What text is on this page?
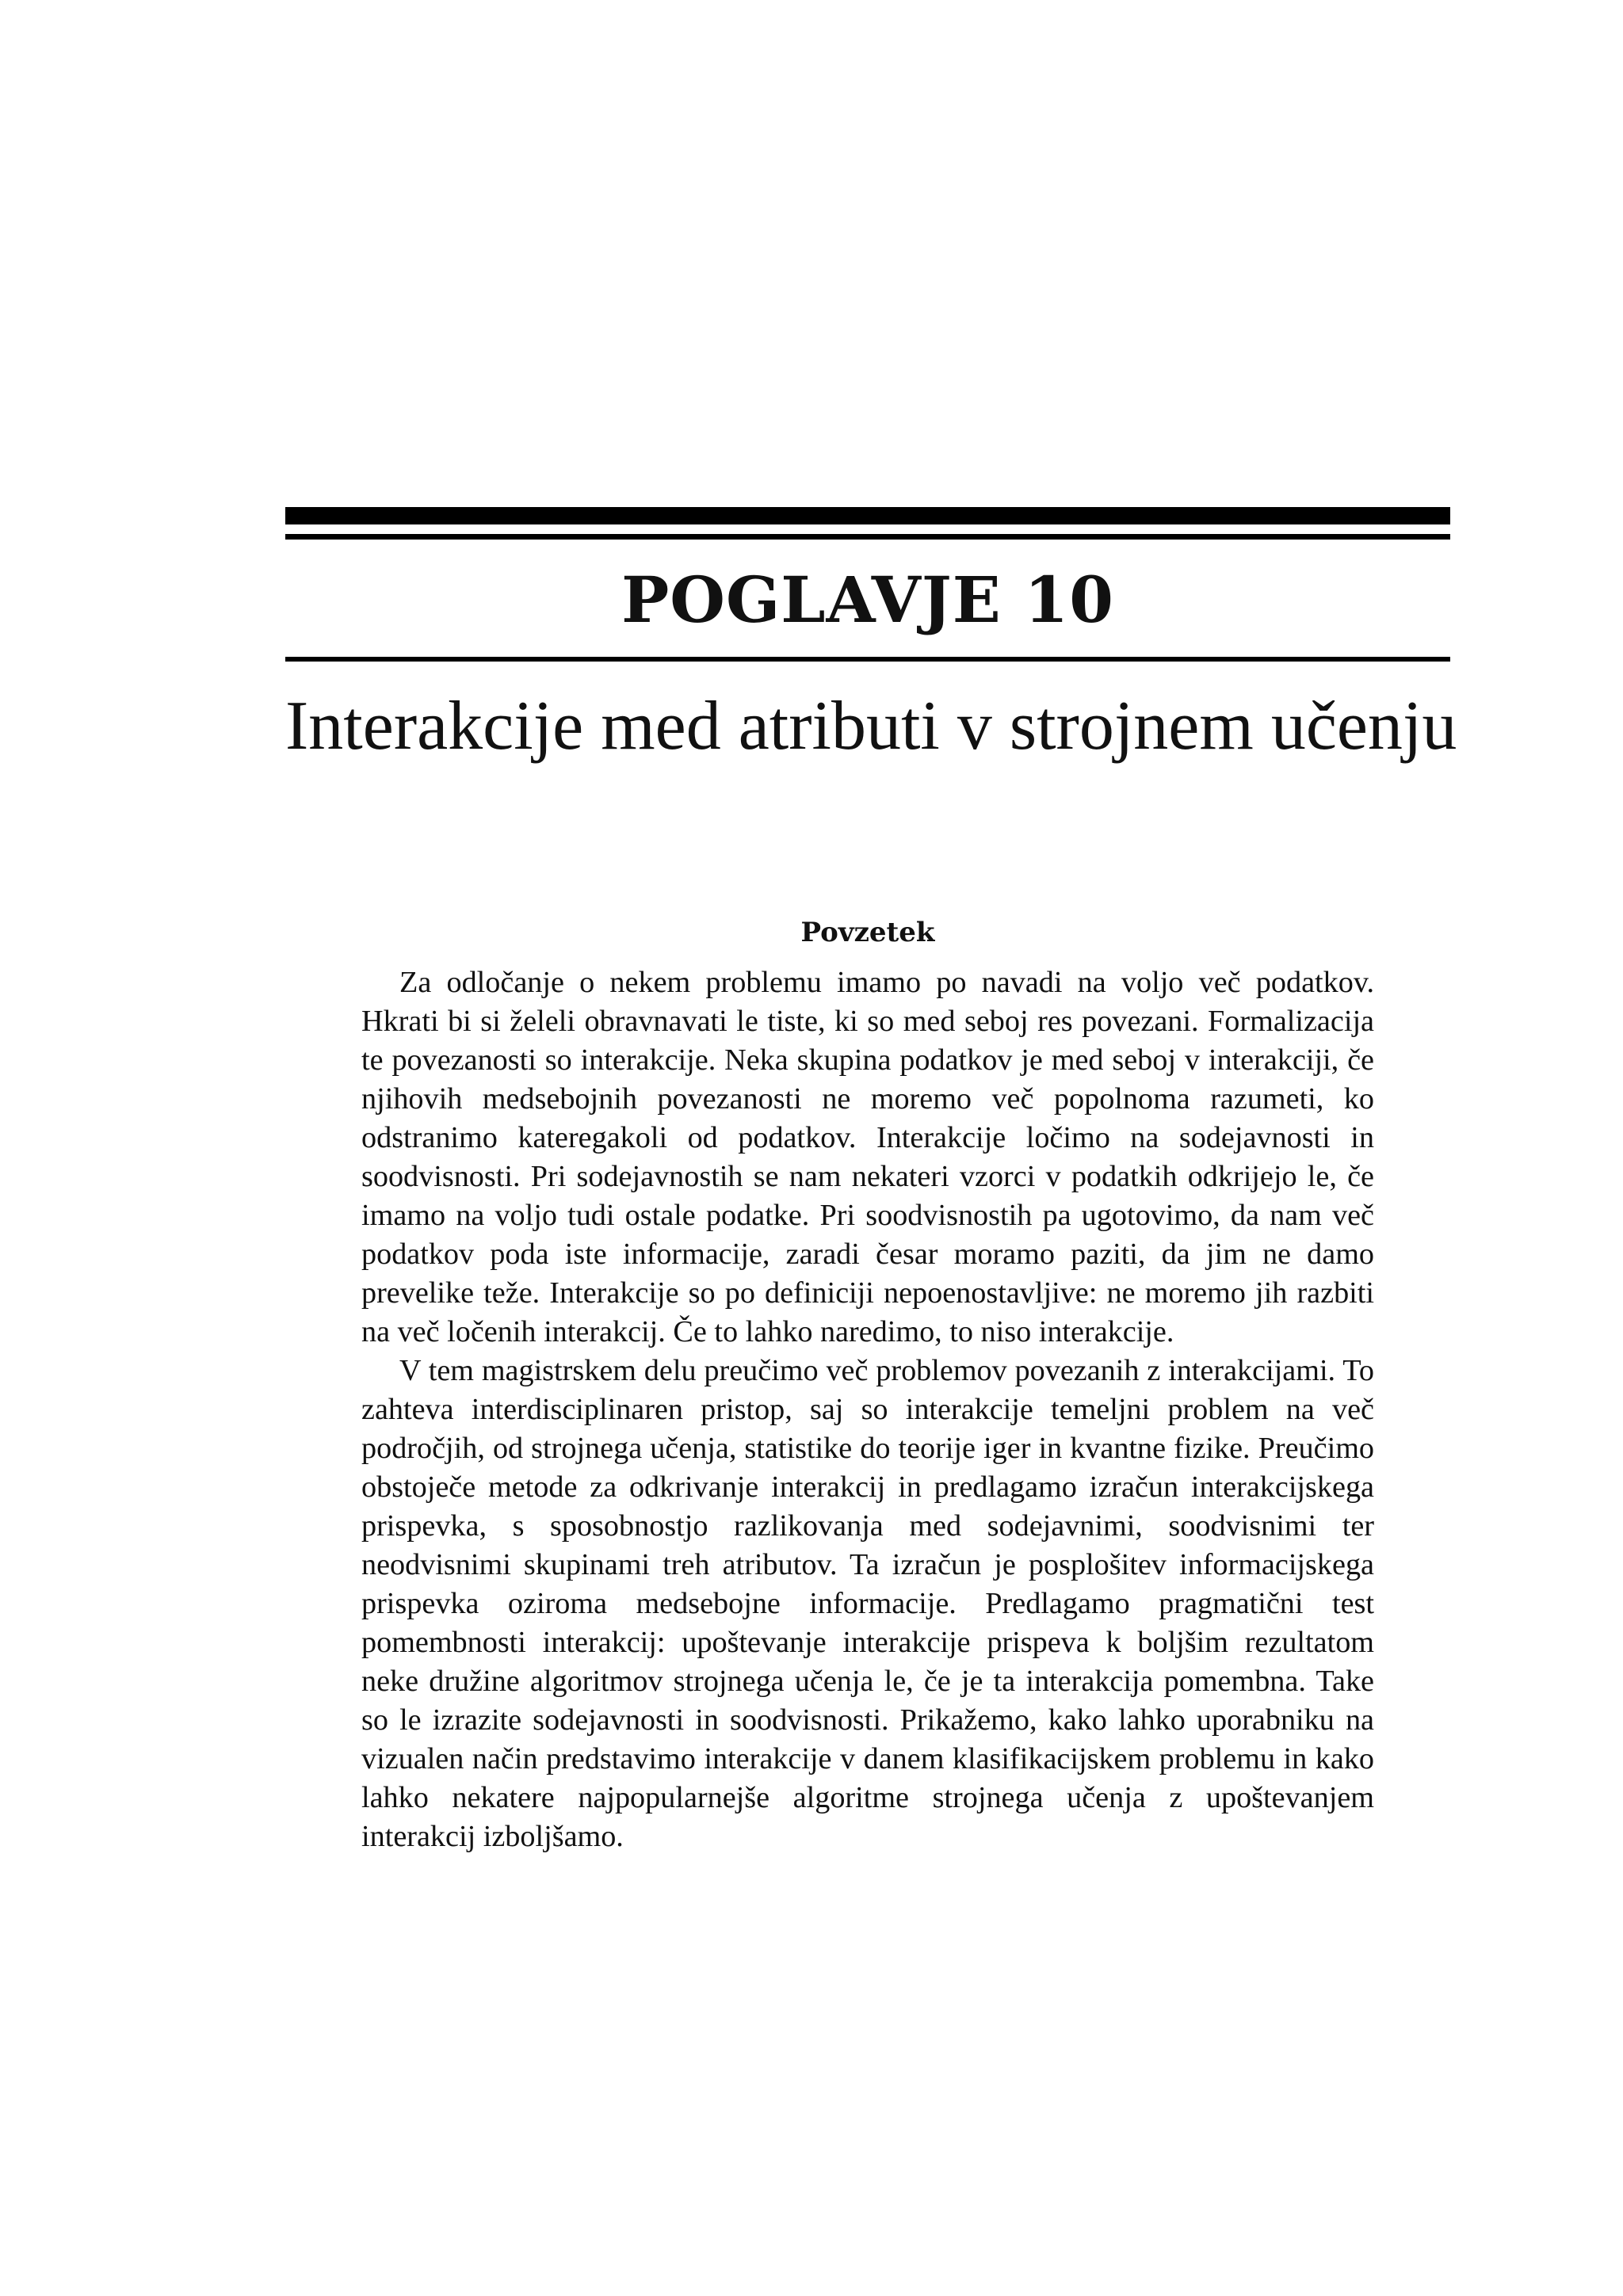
POGLAVJE 10
Interakcije med atributi v strojnem učenju
Povzetek

Za odločanje o nekem problemu imamo po navadi na voljo več podatkov. Hkrati bi si želeli obravnavati le tiste, ki so med seboj res povezani. Formalizacija te povezanosti so interakcije. Neka skupina podatkov je med seboj v interakciji, če njihovih medsebojnih povezanosti ne moremo več popolnoma razumeti, ko odstranimo kateregakoli od podatkov. Interakcije ločimo na sodejavnosti in soodvisnosti. Pri sodejavnostih se nam nekateri vzorci v podatkih odkrijejo le, če imamo na voljo tudi ostale podatke. Pri soodvisnostih pa ugotovimo, da nam več podatkov poda iste informacije, zaradi česar moramo paziti, da jim ne damo prevelike teže. Interakcije so po definiciji nepoenostavljive: ne moremo jih razbiti na več ločenih interakcij. Če to lahko naredimo, to niso interakcije.

V tem magistrskem delu preučimo več problemov povezanih z interakcijami. To zahteva interdisciplinaren pristop, saj so interakcije temeljni problem na več področjih, od strojnega učenja, statistike do teorije iger in kvantne fizike. Preučimo obstoječe metode za odkrivanje interakcij in predlagamo izračun interakcijskega prispevka, s sposobnostjo razlikovanja med sodejavnimi, soodvisnimi ter neodvisnimi skupinami treh atributov. Ta izračun je posplošitev informacijskega prispevka oziroma medsebojne informacije. Predlagamo pragmatični test pomembnosti interakcij: upoštevanje interakcije prispeva k boljšim rezultatom neke družine algoritmov strojnega učenja le, če je ta interakcija pomembna. Take so le izrazite sodejavnosti in soodvisnosti. Prikažemo, kako lahko uporabniku na vizualen način predstavimo interakcije v danem klasifikacijskem problemu in kako lahko nekatere najpopularnejše algoritme strojnega učenja z upoštevanjem interakcij izboljšamo.
